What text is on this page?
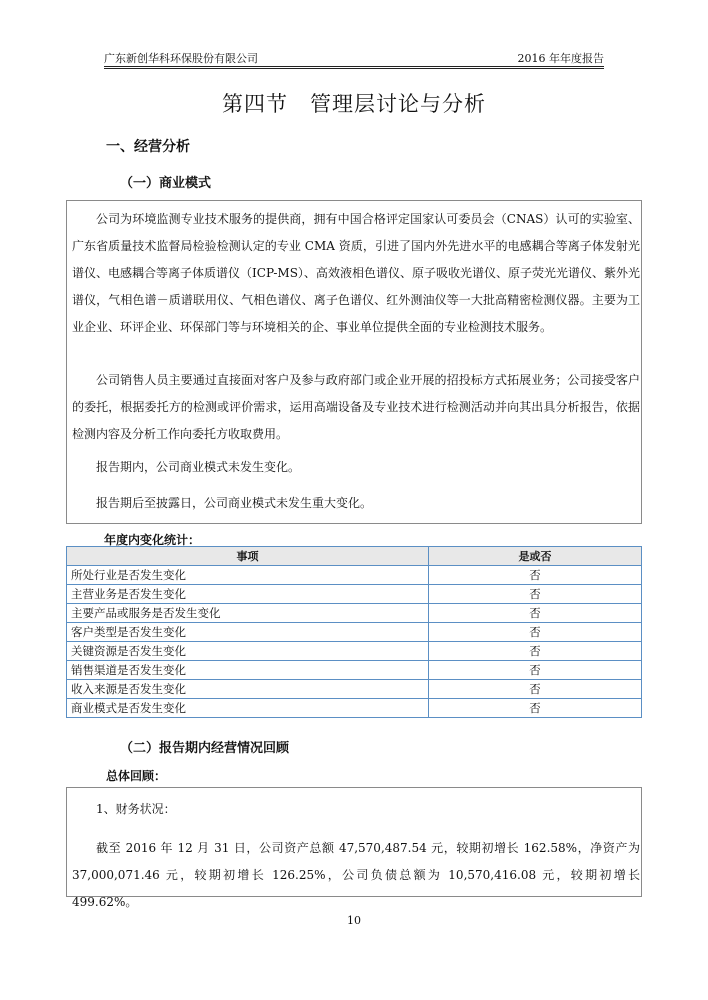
广东新创华科环保股份有限公司	2016 年年度报告
第四节　管理层讨论与分析
一、经营分析
（一）商业模式
公司为环境监测专业技术服务的提供商，拥有中国合格评定国家认可委员会（CNAS）认可的实验室、广东省质量技术监督局检验检测认定的专业 CMA 资质，引进了国内外先进水平的电感耦合等离子体发射光谱仪、电感耦合等离子体质谱仪（ICP-MS）、高效液相色谱仪、原子吸收光谱仪、原子荧光光谱仪、紫外光谱仪，气相色谱－质谱联用仪、气相色谱仪、离子色谱仪、红外测油仪等一大批高精密检测仪器。主要为工业企业、环评企业、环保部门等与环境相关的企、事业单位提供全面的专业检测技术服务。
公司销售人员主要通过直接面对客户及参与政府部门或企业开展的招投标方式拓展业务；公司接受客户的委托，根据委托方的检测或评价需求，运用高端设备及专业技术进行检测活动并向其出具分析报告，依据检测内容及分析工作向委托方收取费用。
报告期内，公司商业模式未发生变化。
报告期后至披露日，公司商业模式未发生重大变化。
年度内变化统计：
事项	是或否
所处行业是否发生变化	否
主营业务是否发生变化	否
主要产品或服务是否发生变化	否
客户类型是否发生变化	否
关键资源是否发生变化	否
销售渠道是否发生变化	否
收入来源是否发生变化	否
商业模式是否发生变化	否
（二）报告期内经营情况回顾
总体回顾：
1、财务状况：
截至 2016 年 12 月 31 日，公司资产总额 47,570,487.54 元，较期初增长 162.58%，净资产为 37,000,071.46 元，较期初增长 126.25%，公司负债总额为 10,570,416.08 元，较期初增长 499.62%。
10
